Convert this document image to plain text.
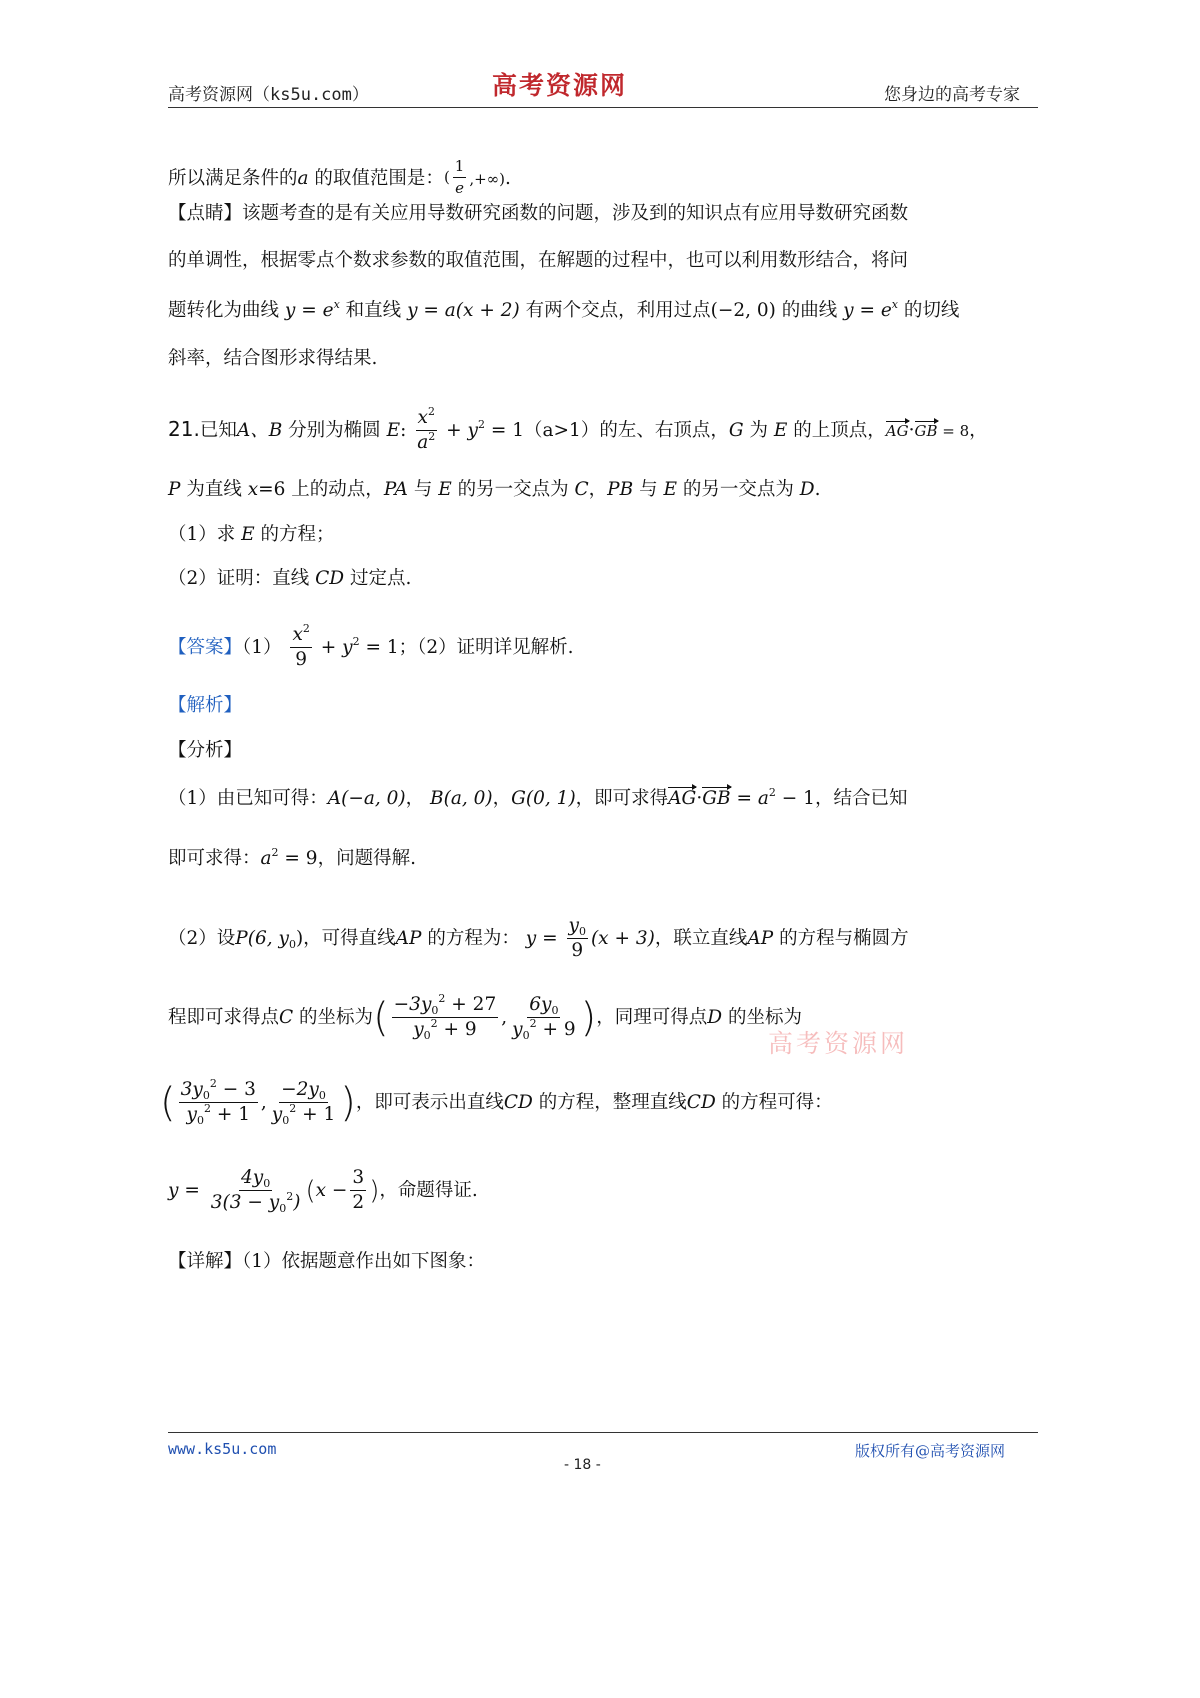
高考资源网（ks5u.com）	高考资源网	您身边的高考专家
所以满足条件的a 的取值范围是：( $\frac{1}{e}$ ,+∞).
【点睛】该题考查的是有关应用导数研究函数的问题，涉及到的知识点有应用导数研究函数
的单调性，根据零点个数求参数的取值范围，在解题的过程中，也可以利用数形结合，将问
题转化为曲线 $y = e^x$ 和直线 y = a(x + 2) 有两个交点，利用过点(−2, 0) 的曲线 $y = e^x$ 的切线
斜率，结合图形求得结果.
21.已知A、B 分别为椭圆 E: $\frac{x^2}{a^2} + y^2 = 1(a>1)$的左、右顶点，G 为 E 的上顶点，AG·GB = 8，
P 为直线 x=6 上的动点，PA 与 E 的另一交点为 C，PB 与 E 的另一交点为 D.
（1）求 E 的方程；
（2）证明：直线 CD 过定点.
【答案】$(1) \frac{x^2}{9} + y^2 = 1$；（2）证明详见解析.
【解析】
【分析】
（1）由已知可得：A(−a, 0)， B(a, 0)，G(0, 1)，即可求得$AG\cdot GB = a^2 - 1$，结合已知
即可求得：$a^2 = 9$，问题得解.
（2）设P(6, $y_0$)，可得直线AP 的方程为： $y = \frac{y_0}{9} (x + 3)$，联立直线AP 的方程与椭圆方
程即可求得点C 的坐标为( $\frac{-3y_0^2 + 27}{y_0^2 + 9}$ , $\frac{6y_0}{y_0^2 + 9}$ )，同理可得点D 的坐标为
高考资源网
( $\frac{3y_0^2 - 3}{y_0^2 + 1}$ , $\frac{-2y_0}{y_0^2 + 1}$ )，即可表示出直线CD 的方程，整理直线CD 的方程可得：
$y = \frac{4y_0}{3(3 - y_0^2)} (x - \frac{3}{2}$ )，命题得证.
【详解】（1）依据题意作出如下图象：
www.ks5u.com
- 18 -
版权所有@高考资源网
